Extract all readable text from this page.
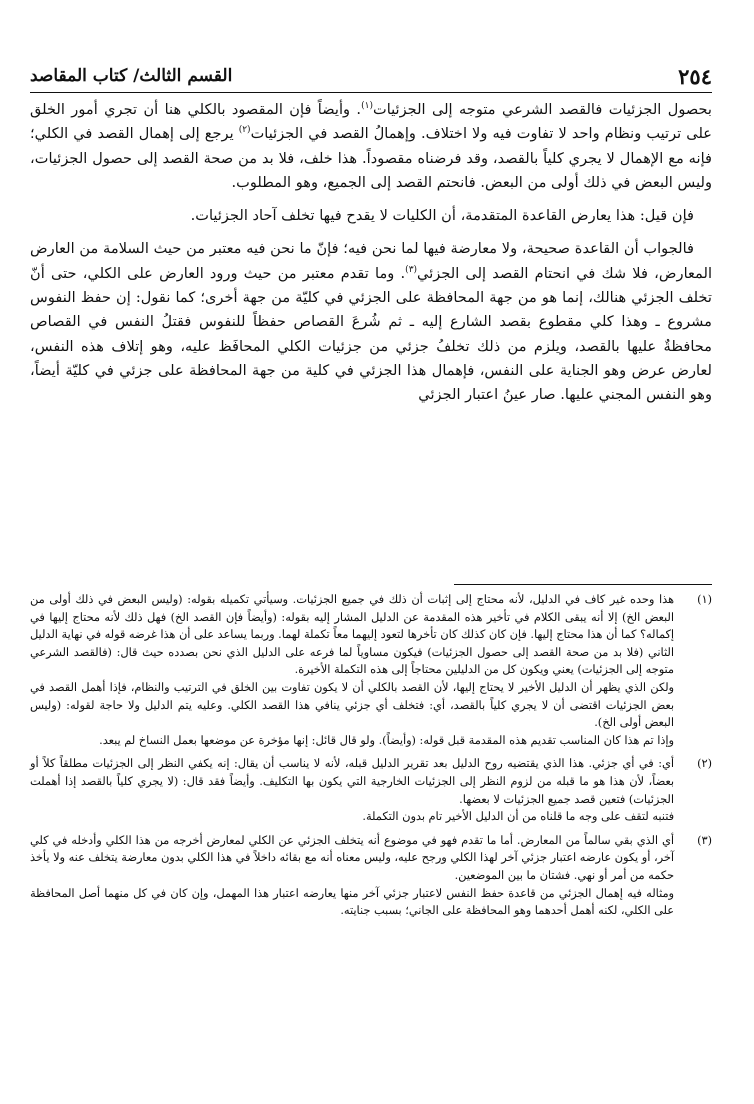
٢٥٤
القسم الثالث/ كتاب المقاصد

بحصول الجزئيات فالقصد الشرعي متوجه إلى الجزئيات$^{(١)}$. وأيضاً فإن المقصود بالكلي هنا أن تجري أمور الخلق على ترتيب ونظام واحد لا تفاوت فيه ولا اختلاف. وإهمالُ القصد في الجزئيات$^{(٢)}$ يرجع إلى إهمال القصد في الكلي؛ فإنه مع الإهمال لا يجري كلياً بالقصد، وقد فرضناه مقصوداً. هذا خلف، فلا بد من صحة القصد إلى حصول الجزئيات، وليس البعض في ذلك أولى من البعض. فانحتم القصد إلى الجميع، وهو المطلوب.

فإن قيل: هذا يعارض القاعدة المتقدمة، أن الكليات لا يقدح فيها تخلف آحاد الجزئيات.

فالجواب أن القاعدة صحيحة، ولا معارضة فيها لما نحن فيه؛ فإنّ ما نحن فيه معتبر من حيث السلامة من العارض المعارض، فلا شك في انحتام القصد إلى الجزئي$^{(٣)}$. وما تقدم معتبر من حيث ورود العارض على الكلي، حتى أنّ تخلف الجزئي هنالك، إنما هو من جهة المحافظة على الجزئي في كليّة من جهة أخرى؛ كما نقول: إن حفظ النفوس مشروع ـ وهذا كلي مقطوع بقصد الشارع إليه ـ ثم شُرعَ القصاص حفظاً للنفوس فقتلُ النفس في القصاص محافظةٌ عليها بالقصد، ويلزم من ذلك تخلفُ جزئي من جزئيات الكلي المحافَظ عليه، وهو إتلاف هذه النفس، لعارض عرض وهو الجناية على النفس، فإهمال هذا الجزئي في كلية من جهة المحافظة على جزئي في كليّة أيضاً، وهو النفس المجني عليها. صار عينُ اعتبار الجزئي

(١)

هذا وحده غير كاف في الدليل، لأنه محتاج إلى إثبات أن ذلك في جميع الجزئيات. وسيأتي تكميله بقوله: (وليس البعض في ذلك أولى من البعض الخ) إلا أنه يبقى الكلام في تأخير هذه المقدمة عن الدليل المشار إليه بقوله: (وأيضاً فإن القصد الخ) فهل ذلك لأنه محتاج إليها في إكماله؟ كما أن هذا محتاج إليها. فإن كان كذلك كان تأخرها لتعود إليهما معاً تكملة لهما. وربما يساعد على أن هذا غرضه قوله في نهاية الدليل الثاني (فلا بد من صحة القصد إلى حصول الجزئيات) فيكون مساوياً لما فرعه على الدليل الذي نحن بصدده حيث قال: (فالقصد الشرعي متوجه إلى الجزئيات) يعني ويكون كل من الدليلين محتاجاً إلى هذه التكملة الأخيرة.

ولكن الذي يظهر أن الدليل الأخير لا يحتاج إليها، لأن القصد بالكلي أن لا يكون تفاوت بين الخلق في الترتيب والنظام، فإذا أهمل القصد في بعض الجزئيات اقتضى أن لا يجري كلياً بالقصد، أي: فتخلف أي جزئي ينافي هذا القصد الكلي. وعليه يتم الدليل ولا حاجة لقوله: (وليس البعض أولى الخ).

وإذا تم هذا كان المناسب تقديم هذه المقدمة قبل قوله: (وأيضاً). ولو قال قائل: إنها مؤخرة عن موضعها بعمل النساخ لم يبعد.

(٢)

أي: في أي جزئي. هذا الذي يقتضيه روح الدليل بعد تقرير الدليل قبله، لأنه لا يناسب أن يقال: إنه يكفي النظر إلى الجزئيات مطلقاً كلاً أو بعضاً، لأن هذا هو ما قبله من لزوم النظر إلى الجزئيات الخارجية التي يكون بها التكليف. وأيضاً فقد قال: (لا يجري كلياً بالقصد إذا أهملت الجزئيات) فتعين قصد جميع الجزئيات لا بعضها.

فتنبه لتقف على وجه ما قلناه من أن الدليل الأخير تام بدون التكملة.

(٣)

أي الذي بقي سالماً من المعارض. أما ما تقدم فهو في موضوع أنه يتخلف الجزئي عن الكلي لمعارض أخرجه من هذا الكلي وأدخله في كلي آخر، أو يكون عارضه اعتبار جزئي آخر لهذا الكلي ورجح عليه، وليس معناه أنه مع بقائه داخلاً في هذا الكلي بدون معارضة يتخلف عنه ولا يأخذ حكمه من أمر أو نهي. فشتان ما بين الموضعين.

ومثاله فيه إهمال الجزئي من قاعدة حفظ النفس لاعتبار جزئي آخر منها يعارضه اعتبار هذا المهمل، وإن كان في كل منهما أصل المحافظة على الكلي، لكنه أهمل أحدهما وهو المحافظة على الجاني؛ بسبب جنايته.
